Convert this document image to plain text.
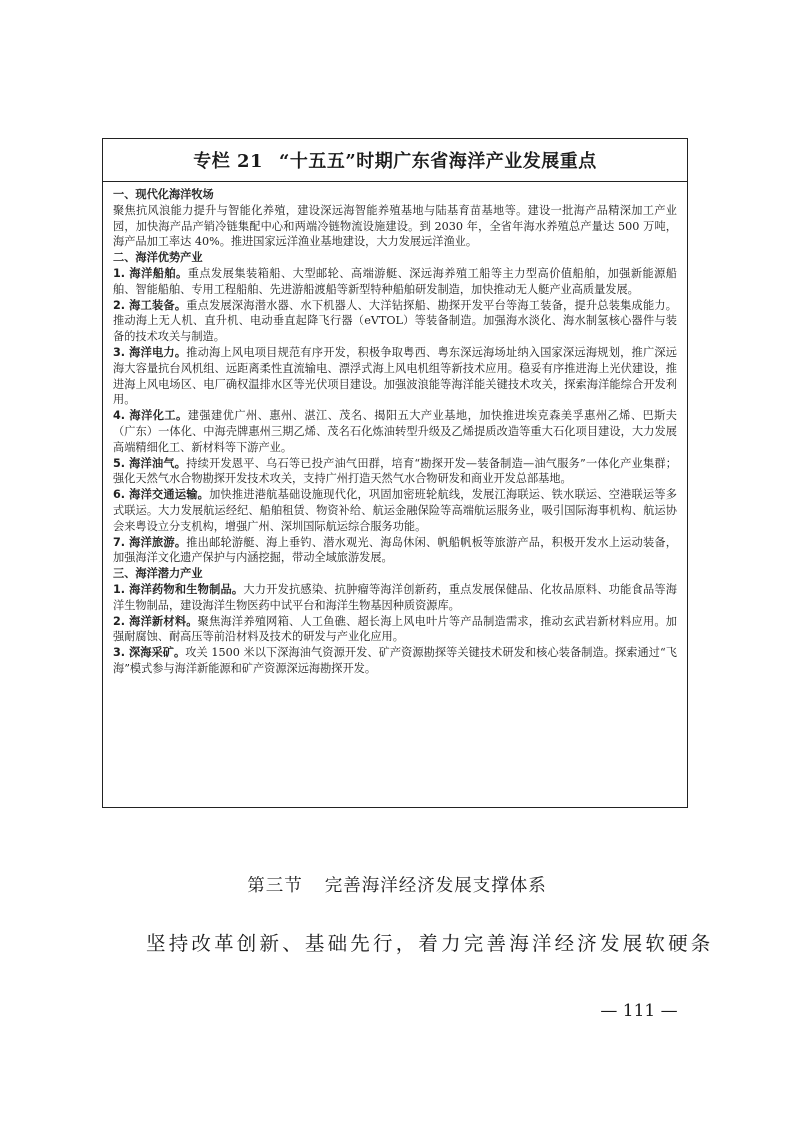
专栏 21 “十五五”时期广东省海洋产业发展重点

一、现代化海洋牧场

聚焦抗风浪能力提升与智能化养殖，建设深远海智能养殖基地与陆基育苗基地等。建设一批海产品精深加工产业园，加快海产品产销冷链集配中心和两端冷链物流设施建设。到 2030 年，全省年海水养殖总产量达 500 万吨，海产品加工率达 40%。推进国家远洋渔业基地建设，大力发展远洋渔业。

二、海洋优势产业

1. 海洋船舶。重点发展集装箱船、大型邮轮、高端游艇、深远海养殖工船等主力型高价值船舶，加强新能源船舶、智能船舶、专用工程船舶、先进游船渡船等新型特种船舶研发制造，加快推动无人艇产业高质量发展。

2. 海工装备。重点发展深海潜水器、水下机器人、大洋钻探船、勘探开发平台等海工装备，提升总装集成能力。推动海上无人机、直升机、电动垂直起降飞行器（eVTOL）等装备制造。加强海水淡化、海水制氢核心器件与装备的技术攻关与制造。

3. 海洋电力。推动海上风电项目规范有序开发，积极争取粤西、粤东深远海场址纳入国家深远海规划，推广深远海大容量抗台风机组、远距离柔性直流输电、漂浮式海上风电机组等新技术应用。稳妥有序推进海上光伏建设，推进海上风电场区、电厂确权温排水区等光伏项目建设。加强波浪能等海洋能关键技术攻关，探索海洋能综合开发利用。

4. 海洋化工。建强建优广州、惠州、湛江、茂名、揭阳五大产业基地，加快推进埃克森美孚惠州乙烯、巴斯夫（广东）一体化、中海壳牌惠州三期乙烯、茂名石化炼油转型升级及乙烯提质改造等重大石化项目建设，大力发展高端精细化工、新材料等下游产业。

5. 海洋油气。持续开发恩平、乌石等已投产油气田群，培育“勘探开发—装备制造—油气服务”一体化产业集群；强化天然气水合物勘探开发技术攻关，支持广州打造天然气水合物研发和商业开发总部基地。

6. 海洋交通运输。加快推进港航基础设施现代化，巩固加密班轮航线，发展江海联运、铁水联运、空港联运等多式联运。大力发展航运经纪、船舶租赁、物资补给、航运金融保险等高端航运服务业，吸引国际海事机构、航运协会来粤设立分支机构，增强广州、深圳国际航运综合服务功能。

7. 海洋旅游。推出邮轮游艇、海上垂钓、潜水观光、海岛休闲、帆船帆板等旅游产品，积极开发水上运动装备，加强海洋文化遗产保护与内涵挖掘，带动全域旅游发展。

三、海洋潜力产业

1. 海洋药物和生物制品。大力开发抗感染、抗肿瘤等海洋创新药，重点发展保健品、化妆品原料、功能食品等海洋生物制品，建设海洋生物医药中试平台和海洋生物基因种质资源库。

2. 海洋新材料。聚焦海洋养殖网箱、人工鱼礁、超长海上风电叶片等产品制造需求，推动玄武岩新材料应用。加强耐腐蚀、耐高压等前沿材料及技术的研发与产业化应用。

3. 深海采矿。攻关 1500 米以下深海油气资源开发、矿产资源勘探等关键技术研发和核心装备制造。探索通过“飞海”模式参与海洋新能源和矿产资源深远海勘探开发。

第三节 完善海洋经济发展支撑体系
坚持改革创新、基础先行，着力完善海洋经济发展软硬条
— 111 —
